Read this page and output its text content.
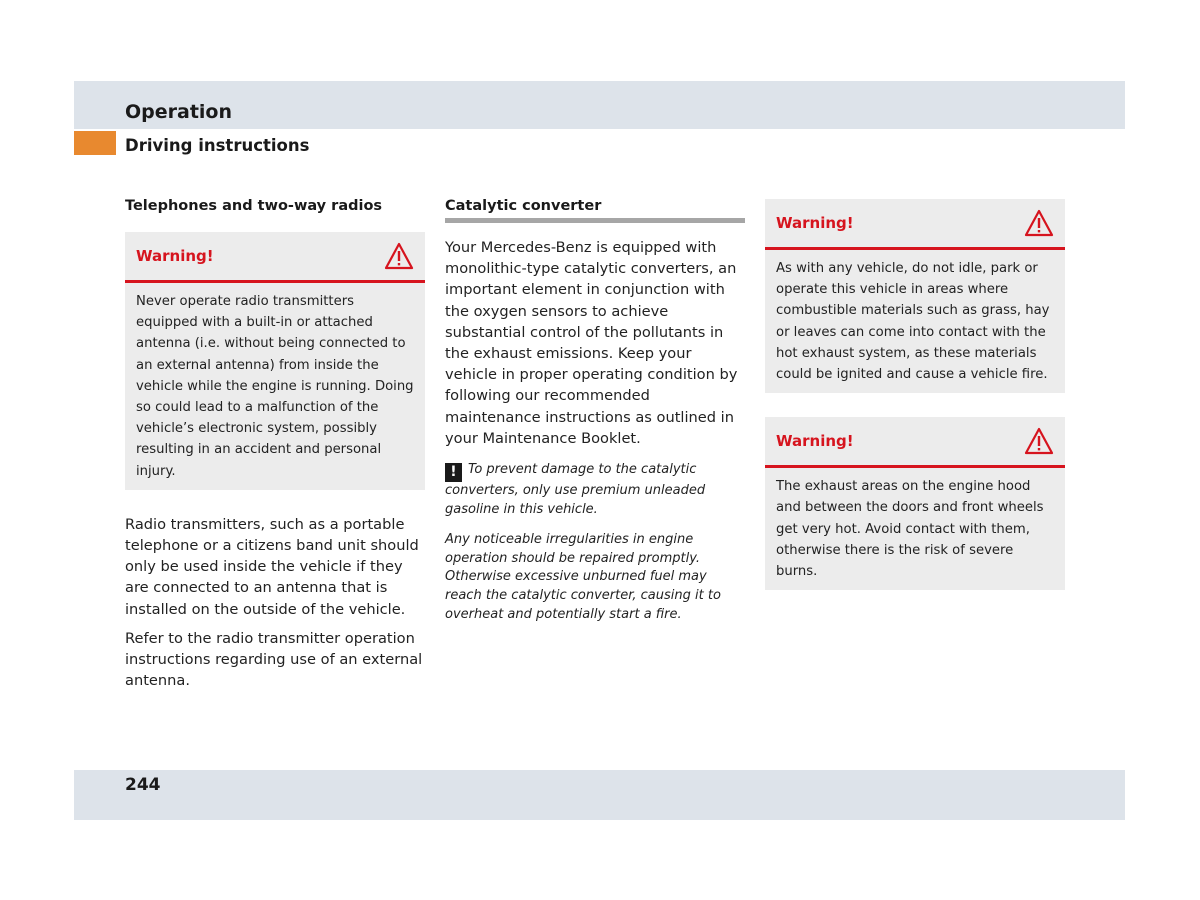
Operation
Driving instructions
Telephones and two-way radios
Warning!
Never operate radio transmitters equipped with a built-in or attached antenna (i.e. without being connected to an external antenna) from inside the vehicle while the engine is running. Doing so could lead to a malfunction of the vehicle’s electronic system, possibly resulting in an accident and personal injury.

Radio transmitters, such as a portable telephone or a citizens band unit should only be used inside the vehicle if they are connected to an antenna that is installed on the outside of the vehicle.

Refer to the radio transmitter operation instructions regarding use of an external antenna.

Catalytic converter

Your Mercedes-Benz is equipped with monolithic-type catalytic converters, an important element in conjunction with the oxygen sensors to achieve substantial control of the pollutants in the exhaust emissions. Keep your vehicle in proper operating condition by following our recommended maintenance instructions as outlined in your Maintenance Booklet.

! To prevent damage to the catalytic converters, only use premium unleaded gasoline in this vehicle.

Any noticeable irregularities in engine operation should be repaired promptly. Otherwise excessive unburned fuel may reach the catalytic converter, causing it to overheat and potentially start a fire.

Warning!
As with any vehicle, do not idle, park or operate this vehicle in areas where combustible materials such as grass, hay or leaves can come into contact with the hot exhaust system, as these materials could be ignited and cause a vehicle fire.
Warning!
The exhaust areas on the engine hood and between the doors and front wheels get very hot. Avoid contact with them, otherwise there is the risk of severe burns.
244
